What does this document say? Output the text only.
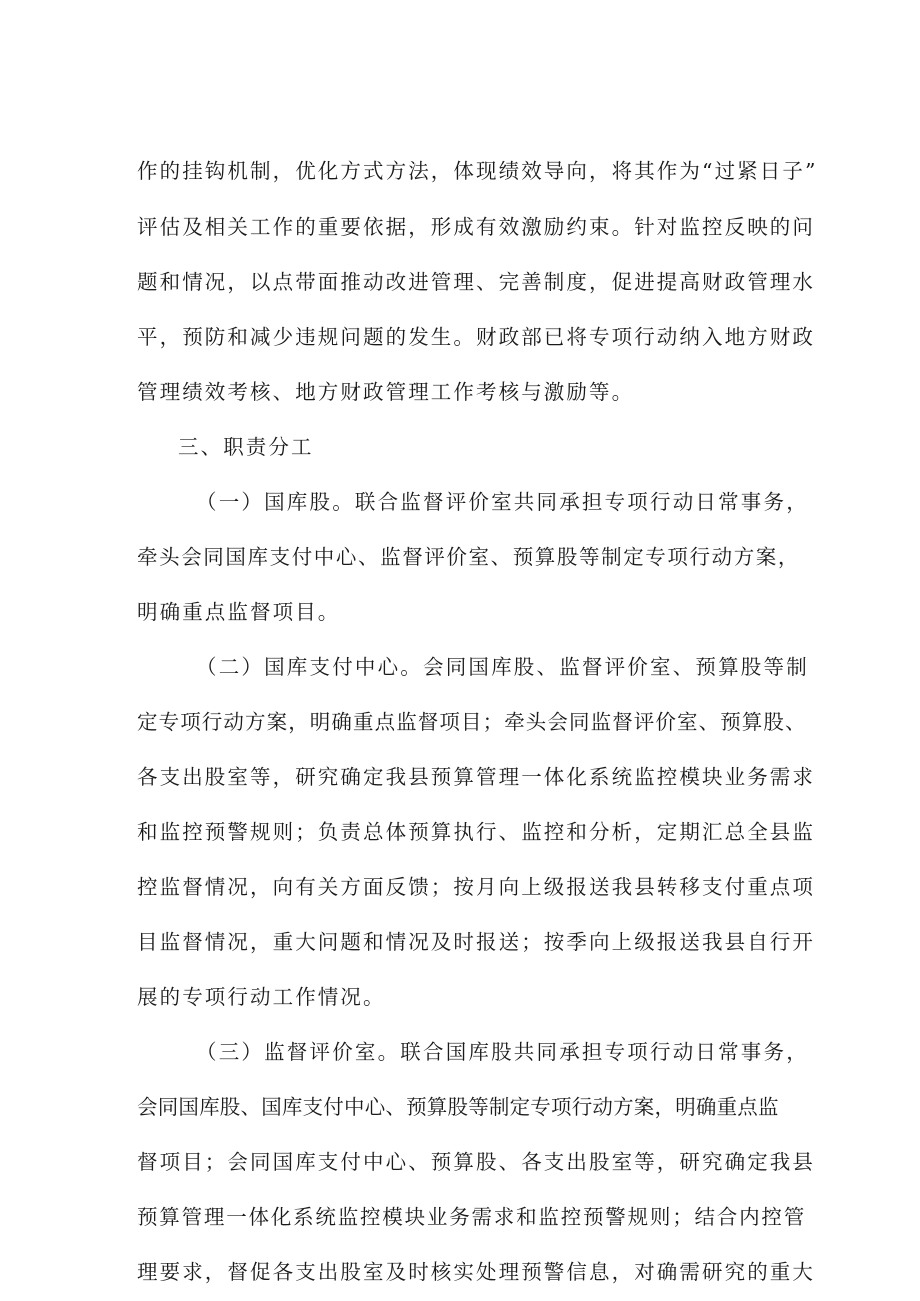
作的挂钩机制，优化方式方法，体现绩效导向，将其作为“过紧日子”
评估及相关工作的重要依据，形成有效激励约束。针对监控反映的问
题和情况，以点带面推动改进管理、完善制度，促进提高财政管理水
平，预防和减少违规问题的发生。财政部已将专项行动纳入地方财政
管理绩效考核、地方财政管理工作考核与激励等。
三、职责分工
（一）国库股。联合监督评价室共同承担专项行动日常事务，
牵头会同国库支付中心、监督评价室、预算股等制定专项行动方案，
明确重点监督项目。
（二）国库支付中心。会同国库股、监督评价室、预算股等制
定专项行动方案，明确重点监督项目；牵头会同监督评价室、预算股、
各支出股室等，研究确定我县预算管理一体化系统监控模块业务需求
和监控预警规则；负责总体预算执行、监控和分析，定期汇总全县监
控监督情况，向有关方面反馈；按月向上级报送我县转移支付重点项
目监督情况，重大问题和情况及时报送；按季向上级报送我县自行开
展的专项行动工作情况。
（三）监督评价室。联合国库股共同承担专项行动日常事务，
会同国库股、国库支付中心、预算股等制定专项行动方案，明确重点监
督项目；会同国库支付中心、预算股、各支出股室等，研究确定我县
预算管理一体化系统监控模块业务需求和监控预警规则；结合内控管
理要求，督促各支出股室及时核实处理预警信息，对确需研究的重大
